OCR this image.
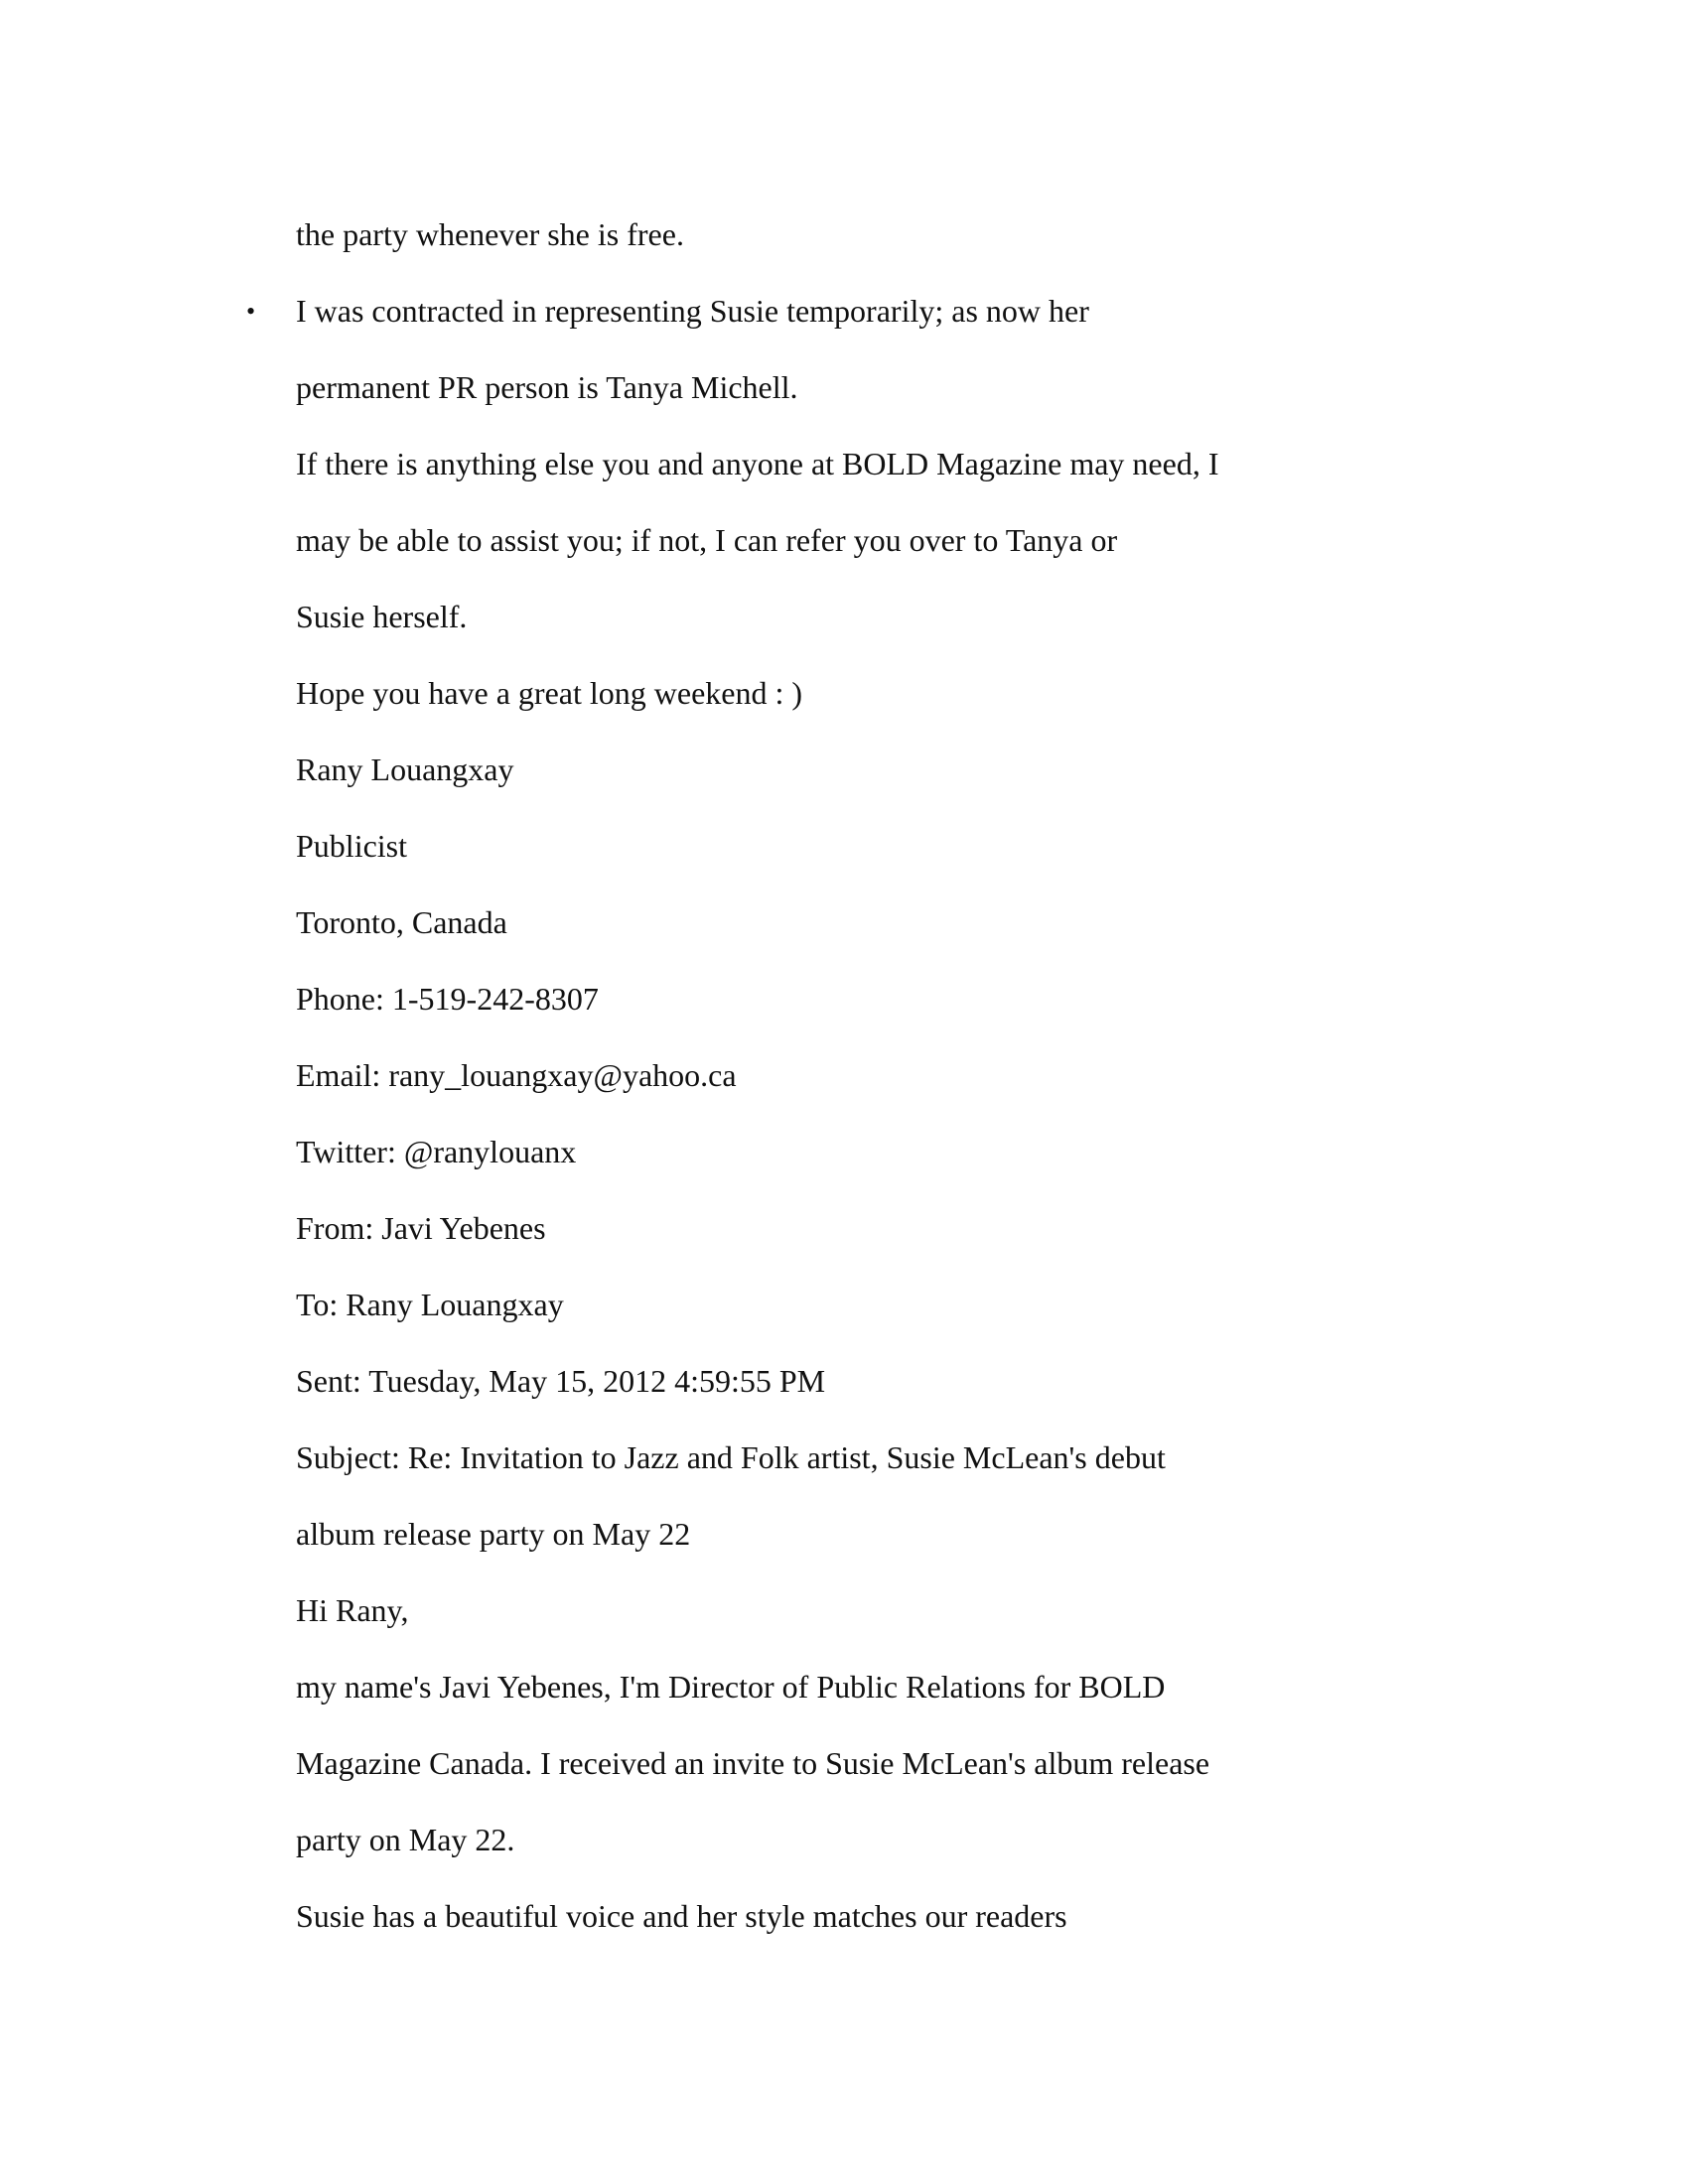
the party whenever she is free.
• I was contracted in representing Susie temporarily; as now her
permanent PR person is Tanya Michell.
If there is anything else you and anyone at BOLD Magazine may need, I
may be able to assist you; if not, I can refer you over to Tanya or
Susie herself.
Hope you have a great long weekend : )
Rany Louangxay
Publicist
Toronto, Canada
Phone: 1-519-242-8307
Email: rany_louangxay@yahoo.ca
Twitter: @ranylouanx
From: Javi Yebenes
To: Rany Louangxay
Sent: Tuesday, May 15, 2012 4:59:55 PM
Subject: Re: Invitation to Jazz and Folk artist, Susie McLean's debut
album release party on May 22
Hi Rany,
my name's Javi Yebenes, I'm Director of Public Relations for BOLD
Magazine Canada. I received an invite to Susie McLean's album release
party on May 22.
Susie has a beautiful voice and her style matches our readers
